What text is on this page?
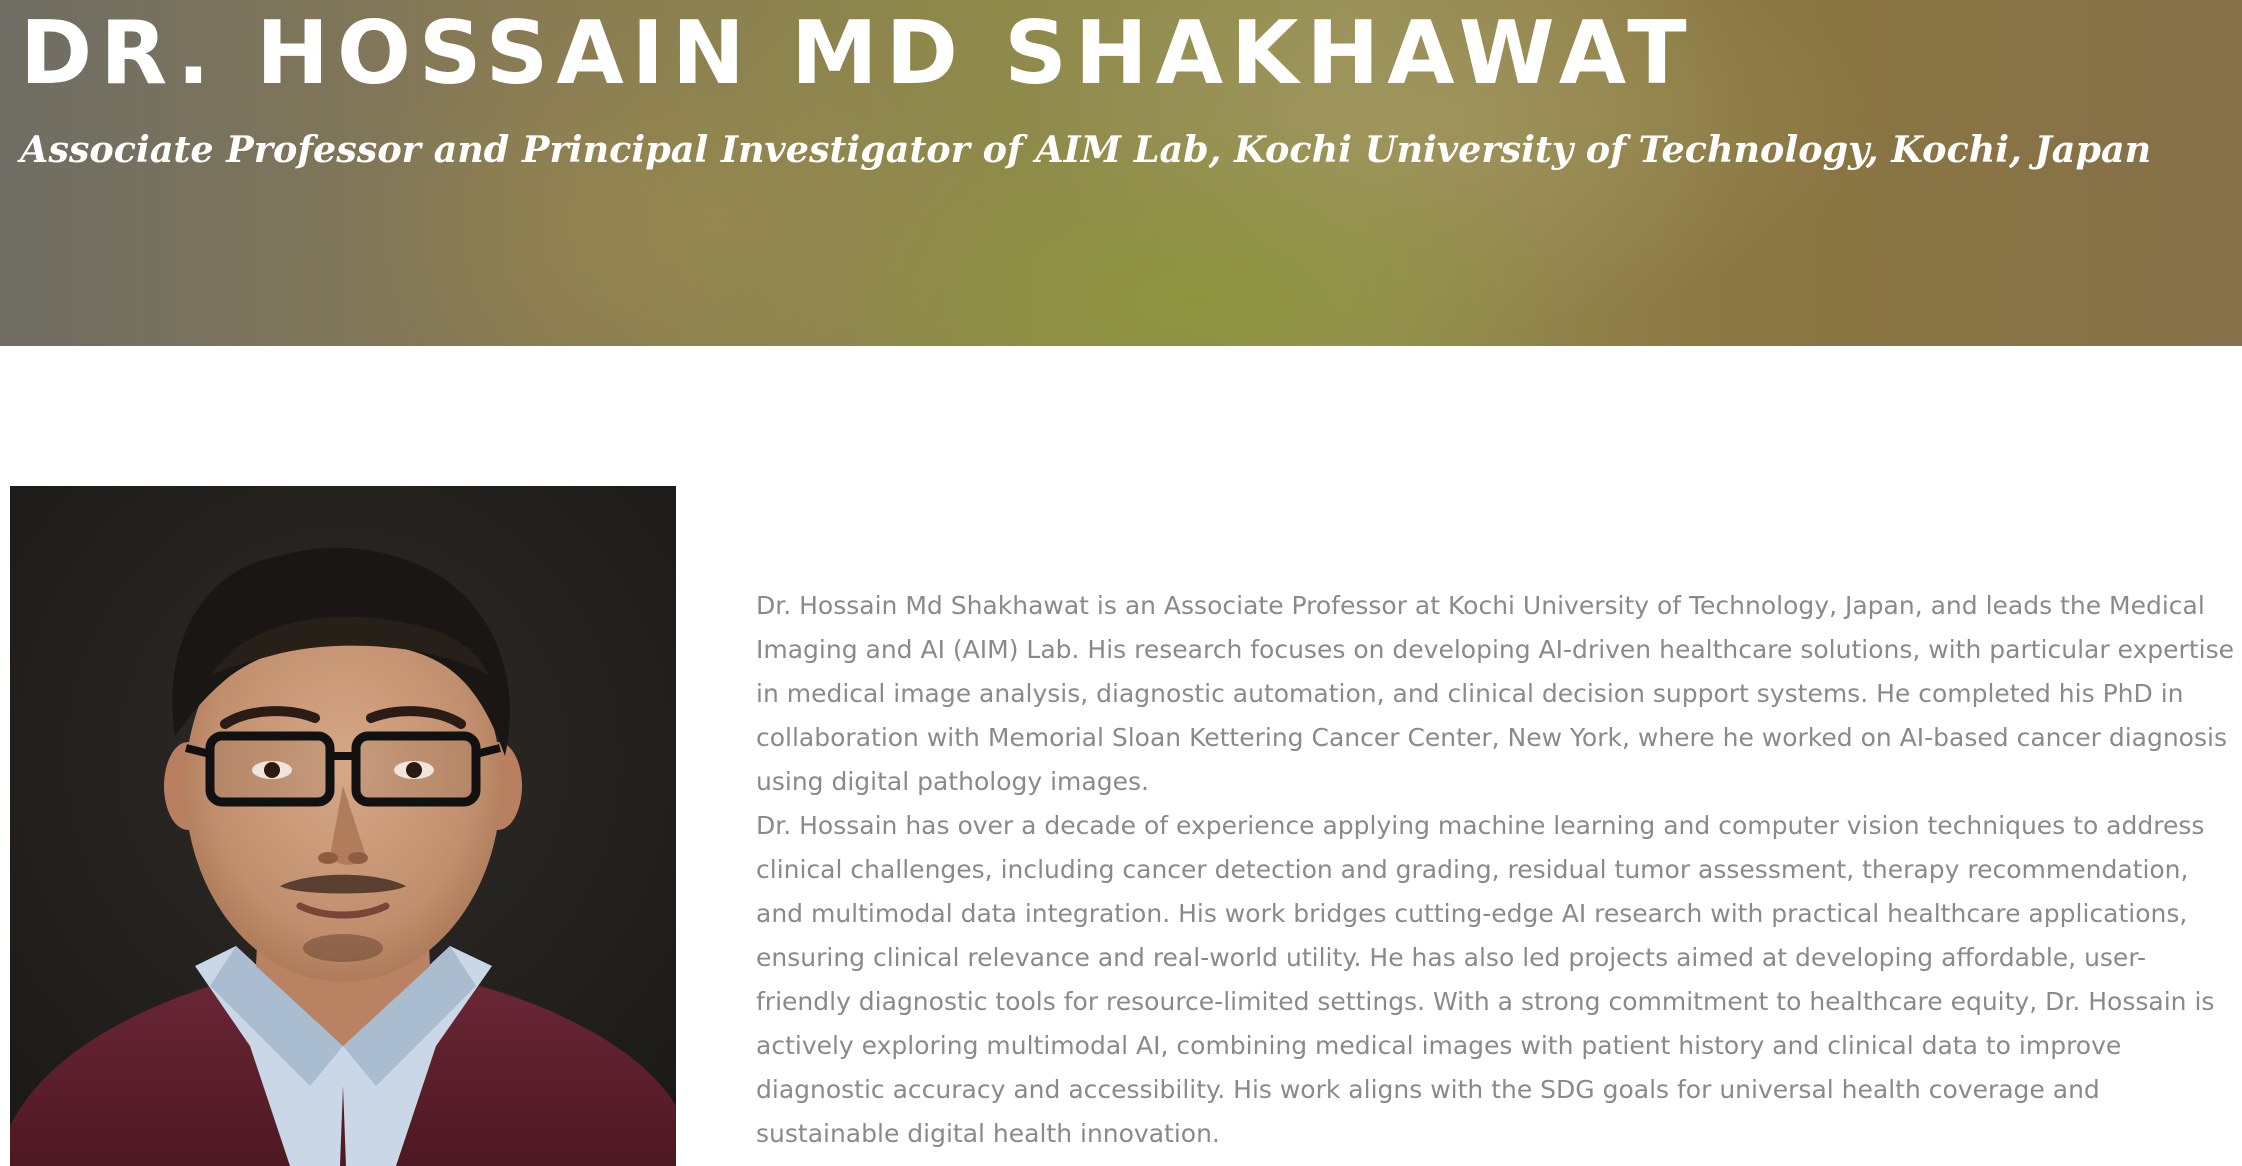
DR. HOSSAIN MD SHAKHAWAT
Associate Professor and Principal Investigator of AIM Lab, Kochi University of Technology, Kochi, Japan

Dr. Hossain Md Shakhawat is an Associate Professor at Kochi University of Technology, Japan, and leads the Medical Imaging and AI (AIM) Lab. His research focuses on developing AI-driven healthcare solutions, with particular expertise in medical image analysis, diagnostic automation, and clinical decision support systems. He completed his PhD in collaboration with Memorial Sloan Kettering Cancer Center, New York, where he worked on AI-based cancer diagnosis using digital pathology images.

Dr. Hossain has over a decade of experience applying machine learning and computer vision techniques to address clinical challenges, including cancer detection and grading, residual tumor assessment, therapy recommendation, and multimodal data integration. His work bridges cutting-edge AI research with practical healthcare applications, ensuring clinical relevance and real-world utility. He has also led projects aimed at developing affordable, user-friendly diagnostic tools for resource-limited settings. With a strong commitment to healthcare equity, Dr. Hossain is actively exploring multimodal AI, combining medical images with patient history and clinical data to improve diagnostic accuracy and accessibility. His work aligns with the SDG goals for universal health coverage and sustainable digital health innovation.
